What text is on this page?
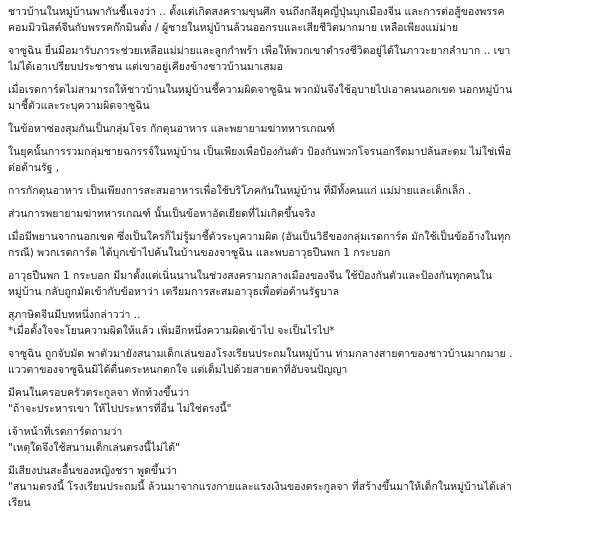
ชาวบ้านในหมู่บ้านพากันชี้แจงว่า .. ตั้งแต่เกิดสงครามขุนศึก จนถึงกลียุคญี่ปุ่นบุกเมืองจีน และการต่อสู้ของพรรค
คอมมิวนิสต์จีนกับพรรคก๊กมินตั๋ง / ผู้ชายในหมู่บ้านล้วนออกรบและเสียชีวิตมากมาย เหลือเพียงแม่ม่าย

จาซูฉิน ยื่นมือมารับภาระช่วยเหลือแม่ม่ายและลูกกำพร้า เพื่อให้พวกเขาดำรงชีวิตอยู่ได้ในภาวะยากลำบาก .. เขา
ไม่ได้เอาเปรียบประชาชน แต่เขาอยู่เคียงข้างชาวบ้านมาเสมอ

เมื่อเรดการ์ดไม่สามารถให้ชาวบ้านในหมู่บ้านชี้ความผิดจาซูฉิน พวกมันจึงใช้อุบายไปเอาคนนอกเขต นอกหมู่บ้าน
มาชี้ตัวและระบุความผิดจาซูฉิน

ในข้อหาซ่องสุมกันเป็นกลุ่มโจร กักตุนอาหาร และพยายามฆ่าทหารเกณฑ์

ในยุคนั้นการรวมกลุ่มชายฉกรรจ์ในหมู่บ้าน เป็นเพียงเพื่อป้องกันตัว ป้องกันพวกโจรนอกรีตมาปล้นสะดม ไม่ใช่เพื่อ
ต่อต้านรัฐ ,

การกักตุนอาหาร เป็นเพียงการสะสมอาหารเพื่อใช้บริโภคกันในหมู่บ้าน ที่มีทั้งคนแก่ แม่ม่ายและเด็กเล็ก .

ส่วนการพยายามฆ่าทหารเกณฑ์ นั้นเป็นข้อหาอัดเยียดที่ไม่เกิดขึ้นจริง

เมื่อมีพยานจากนอกเขต ซึ่งเป็นใครก็ไม่รู้มาชี้ตัวระบุความผิด (อันเป็นวิธีของกลุ่มเรดการ์ด มักใช้เป็นข้ออ้างในทุก
กรณี) พวกเรดการ์ด ได้บุกเข้าไปค้นในบ้านของจาซูฉิน และพบอาวุธปืนพก 1 กระบอก

อาวุธปืนพก 1 กระบอก มีมาตั้งแต่เนิ่นนานในช่วงสงครามกลางเมืองของจีน ใช้ป้องกันตัวและป้องกันทุกคนใน
หมู่บ้าน กลับถูกมัดเข้ากับข้อหาว่า เตรียมการสะสมอาวุธเพื่อต่อต้านรัฐบาล

สุภาษิตจีนมีบทหนึ่งกล่าวว่า ..
*เมื่อตั้งใจจะโยนความผิดให้แล้ว เพิ่มอีกหนึ่งความผิดเข้าไป จะเป็นไรไป*

จาซูฉิน ถูกจับมัด พาตัวมายังสนามเด็กเล่นของโรงเรียนประถมในหมู่บ้าน ท่ามกลางสายตาของชาวบ้านมากมาย .
แววตาของจาซูฉินมิได้ตื่นตระหนกตกใจ แต่เต็มไปด้วยสายตาที่อับจนปัญญา

มีคนในครอบครัวตระกูลจา ทักท้วงขึ้นว่า
"ถ้าจะประหารเขา ให้ไปประหารที่อื่น ไม่ใช่ตรงนี้"

เจ้าหน้าที่เรดการ์ดถามว่า
"เหตุใดจึงใช้สนามเด็กเล่นตรงนี้ไม่ได้"

มีเสียงปนสะอื้นของหญิงชรา พูดขึ้นว่า
"สนามตรงนี้ โรงเรียนประถมนี้ ล้วนมาจากแรงกายและแรงเงินของตระกูลจา ที่สร้างขึ้นมาให้เด็กในหมู่บ้านได้เล่า
เรียน
